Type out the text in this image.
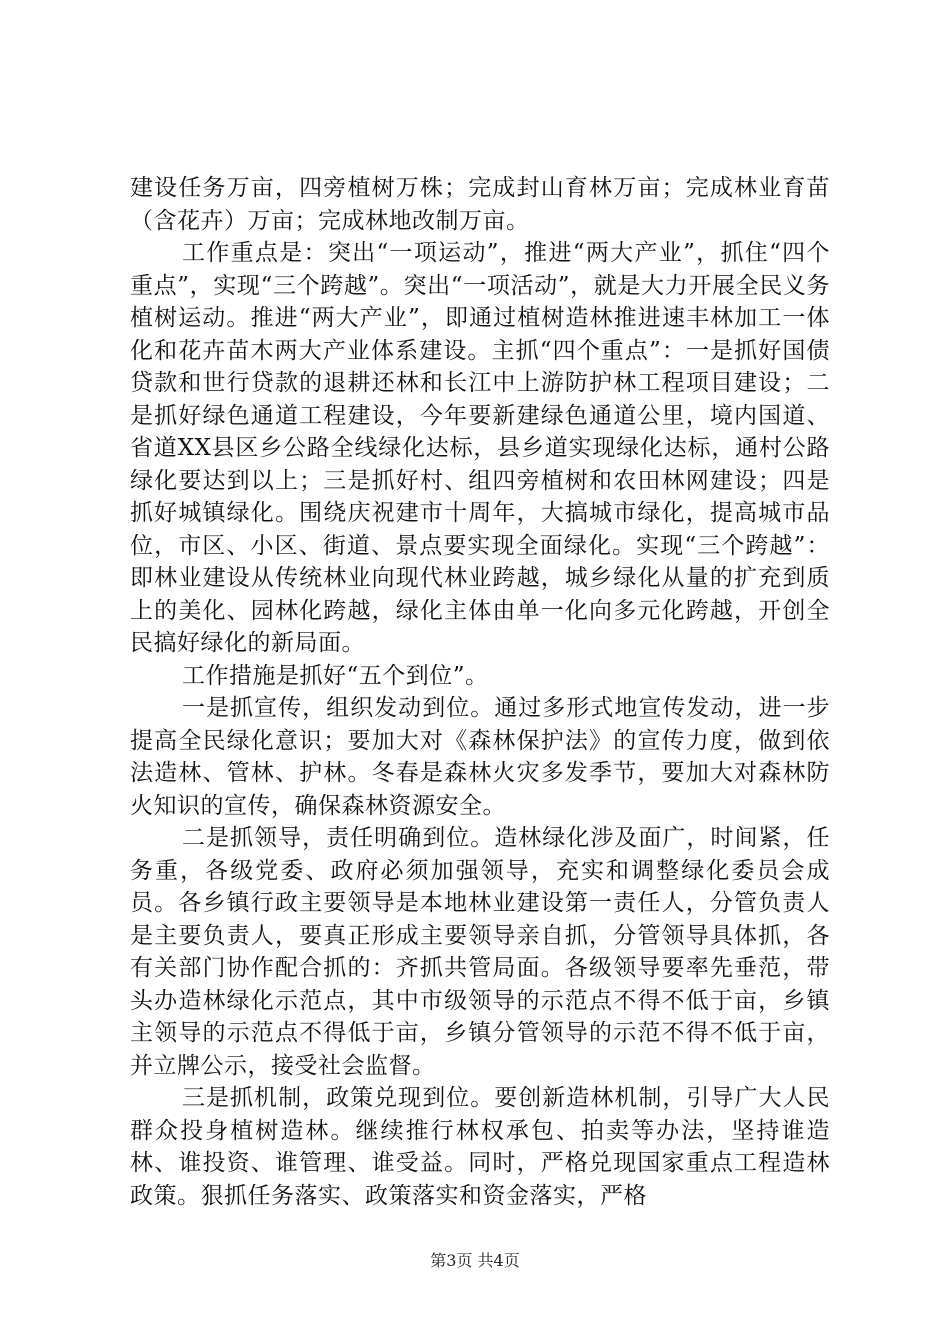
建设任务万亩，四旁植树万株；完成封山育林万亩；完成林业育苗（含花卉）万亩；完成林地改制万亩。

工作重点是：突出“一项运动”，推进“两大产业”，抓住“四个重点”，实现“三个跨越”。突出“一项活动”，就是大力开展全民义务植树运动。推进“两大产业”，即通过植树造林推进速丰林加工一体化和花卉苗木两大产业体系建设。主抓“四个重点”：一是抓好国债贷款和世行贷款的退耕还林和长江中上游防护林工程项目建设；二是抓好绿色通道工程建设，今年要新建绿色通道公里，境内国道、省道XX县区乡公路全线绿化达标，县乡道实现绿化达标，通村公路绿化要达到以上；三是抓好村、组四旁植树和农田林网建设；四是抓好城镇绿化。围绕庆祝建市十周年，大搞城市绿化，提高城市品位，市区、小区、街道、景点要实现全面绿化。实现“三个跨越”：即林业建设从传统林业向现代林业跨越，城乡绿化从量的扩充到质上的美化、园林化跨越，绿化主体由单一化向多元化跨越，开创全民搞好绿化的新局面。

工作措施是抓好“五个到位”。

一是抓宣传，组织发动到位。通过多形式地宣传发动，进一步提高全民绿化意识；要加大对《森林保护法》的宣传力度，做到依法造林、管林、护林。冬春是森林火灾多发季节，要加大对森林防火知识的宣传，确保森林资源安全。

二是抓领导，责任明确到位。造林绿化涉及面广，时间紧，任务重，各级党委、政府必须加强领导，充实和调整绿化委员会成员。各乡镇行政主要领导是本地林业建设第一责任人，分管负责人是主要负责人，要真正形成主要领导亲自抓，分管领导具体抓，各有关部门协作配合抓的：齐抓共管局面。各级领导要率先垂范，带头办造林绿化示范点，其中市级领导的示范点不得不低于亩，乡镇主领导的示范点不得低于亩，乡镇分管领导的示范不得不低于亩，并立牌公示，接受社会监督。

三是抓机制，政策兑现到位。要创新造林机制，引导广大人民群众投身植树造林。继续推行林权承包、拍卖等办法，坚持谁造林、谁投资、谁管理、谁受益。同时，严格兑现国家重点工程造林政策。狠抓任务落实、政策落实和资金落实，严格

第3页 共4页
